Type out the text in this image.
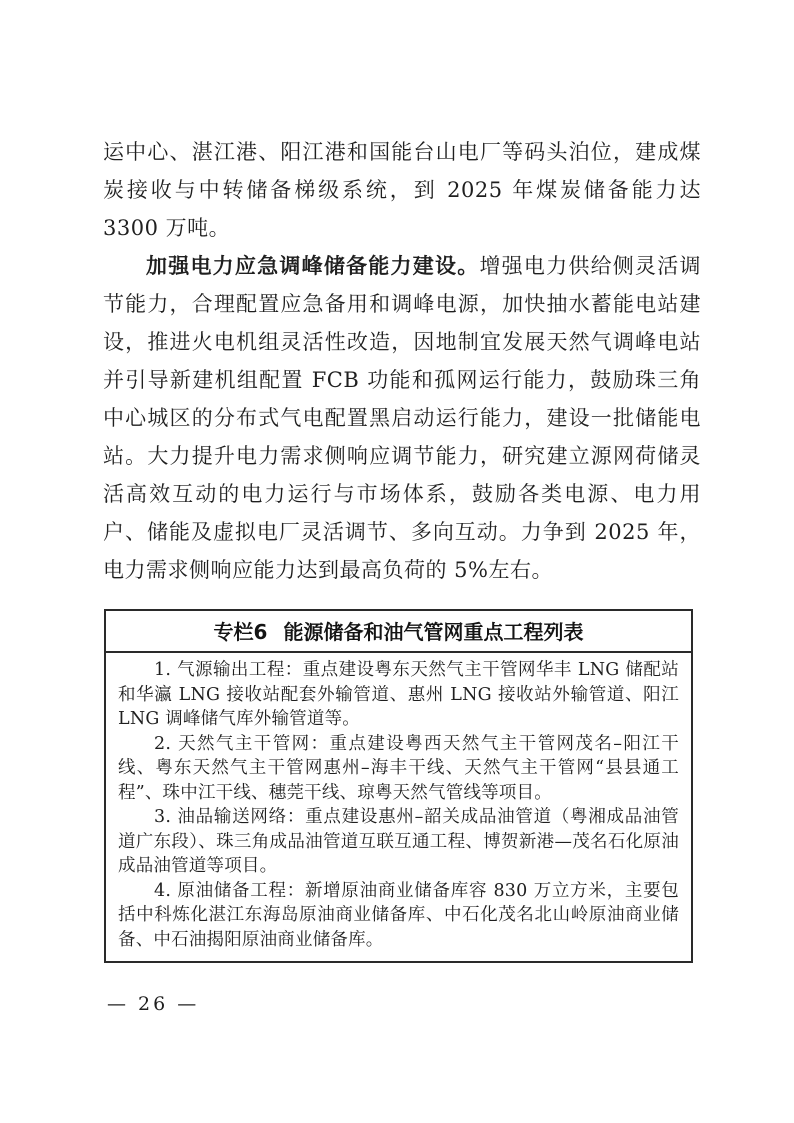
运中心、湛江港、阳江港和国能台山电厂等码头泊位，建成煤炭接收与中转储备梯级系统，到 2025 年煤炭储备能力达 3300 万吨。

加强电力应急调峰储备能力建设。增强电力供给侧灵活调节能力，合理配置应急备用和调峰电源，加快抽水蓄能电站建设，推进火电机组灵活性改造，因地制宜发展天然气调峰电站并引导新建机组配置 FCB 功能和孤网运行能力，鼓励珠三角中心城区的分布式气电配置黑启动运行能力，建设一批储能电站。大力提升电力需求侧响应调节能力，研究建立源网荷储灵活高效互动的电力运行与市场体系，鼓励各类电源、电力用户、储能及虚拟电厂灵活调节、多向互动。力争到 2025 年，电力需求侧响应能力达到最高负荷的 5%左右。

专栏6 能源储备和油气管网重点工程列表

1. 气源输出工程：重点建设粤东天然气主干管网华丰 LNG 储配站和华瀛 LNG 接收站配套外输管道、惠州 LNG 接收站外输管道、阳江 LNG 调峰储气库外输管道等。

2. 天然气主干管网：重点建设粤西天然气主干管网茂名–阳江干线、粤东天然气主干管网惠州–海丰干线、天然气主干管网“县县通工程”、珠中江干线、穗莞干线、琼粤天然气管线等项目。

3. 油品输送网络：重点建设惠州–韶关成品油管道（粤湘成品油管道广东段）、珠三角成品油管道互联互通工程、博贺新港—茂名石化原油成品油管道等项目。

4. 原油储备工程：新增原油商业储备库容 830 万立方米，主要包括中科炼化湛江东海岛原油商业储备库、中石化茂名北山岭原油商业储备、中石油揭阳原油商业储备库。

— 26 —
